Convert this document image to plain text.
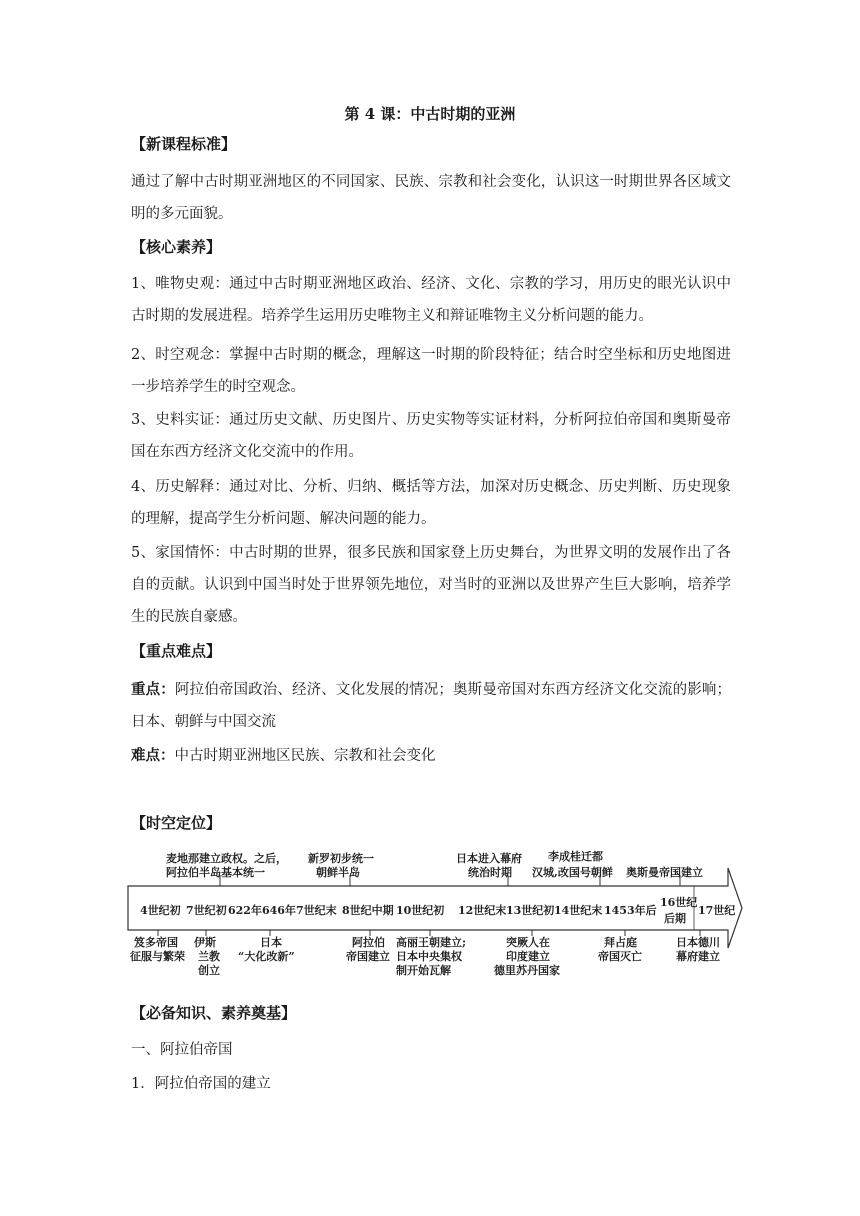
第 4 课：中古时期的亚洲
【新课程标准】
通过了解中古时期亚洲地区的不同国家、民族、宗教和社会变化，认识这一时期世界各区域文明的多元面貌。
【核心素养】
1、唯物史观：通过中古时期亚洲地区政治、经济、文化、宗教的学习，用历史的眼光认识中古时期的发展进程。培养学生运用历史唯物主义和辩证唯物主义分析问题的能力。
2、时空观念：掌握中古时期的概念，理解这一时期的阶段特征；结合时空坐标和历史地图进一步培养学生的时空观念。
3、史料实证：通过历史文献、历史图片、历史实物等实证材料，分析阿拉伯帝国和奥斯曼帝国在东西方经济文化交流中的作用。
4、历史解释：通过对比、分析、归纳、概括等方法，加深对历史概念、历史判断、历史现象的理解，提高学生分析问题、解决问题的能力。
5、家国情怀：中古时期的世界，很多民族和国家登上历史舞台，为世界文明的发展作出了各自的贡献。认识到中国当时处于世界领先地位，对当时的亚洲以及世界产生巨大影响，培养学生的民族自豪感。
【重点难点】
重点：阿拉伯帝国政治、经济、文化发展的情况；奥斯曼帝国对东西方经济文化交流的影响；日本、朝鲜与中国交流
难点：中古时期亚洲地区民族、宗教和社会变化
【时空定位】
麦地那建立政权。之后，
阿拉伯半岛基本统一
新罗初步统一
朝鲜半岛
日本进入幕府
统治时期
李成桂迁都
汉城,改国号朝鲜 奥斯曼帝国建立
4世纪初 7世纪初 622年646年 7世纪末 8世纪中期 10世纪初 12世纪末 13世纪初 14世纪末 1453年后
16世纪
后期
17世纪
笈多帝国
征服与繁荣
伊斯
兰教
创立
日本
“大化改新”
阿拉伯
帝国建立
高丽王朝建立;
日本中央集权
制开始瓦解
突厥人在
印度建立
德里苏丹国家
拜占庭
帝国灭亡
日本德川
幕府建立
【必备知识、素养奠基】
一、阿拉伯帝国
1．阿拉伯帝国的建立
